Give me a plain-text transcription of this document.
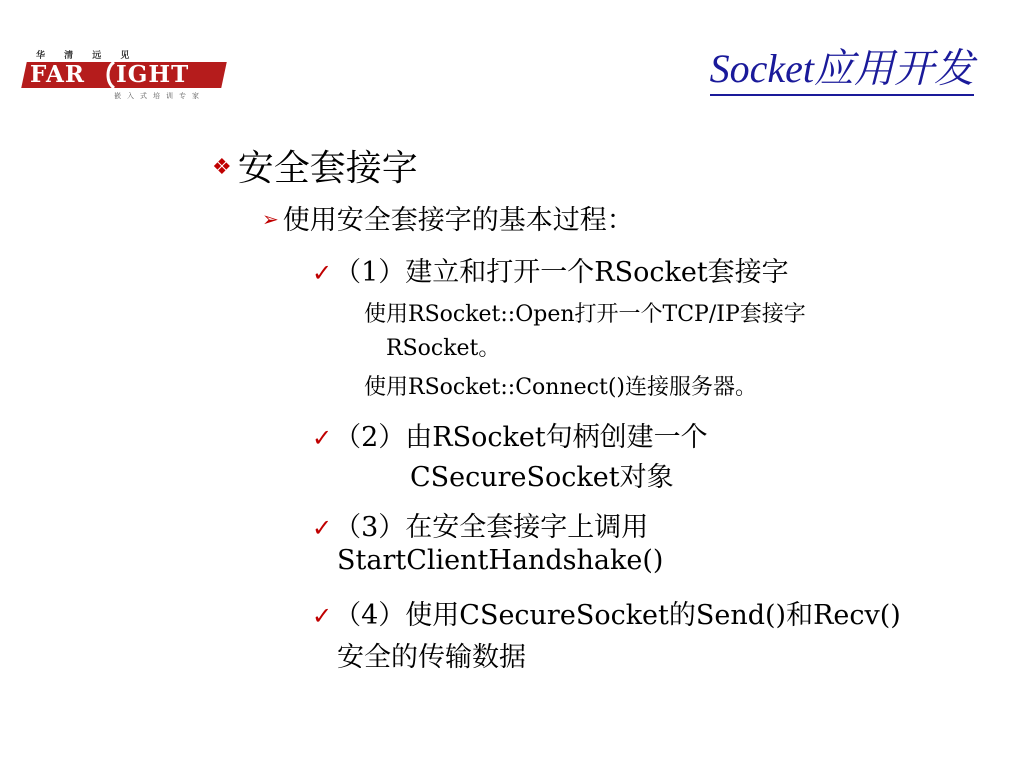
华 清 远 见
FAR IGHT
嵌入式培训专家
Socket应用开发
❖ 安全套接字
➢ 使用安全套接字的基本过程：
✓（1）建立和打开一个RSocket套接字
使用RSocket::Open打开一个TCP/IP套接字
RSocket。
使用RSocket::Connect()连接服务器。
✓（2）由RSocket句柄创建一个
CSecureSocket对象
✓（3）在安全套接字上调用
StartClientHandshake()
✓（4）使用CSecureSocket的Send()和Recv()
安全的传输数据
